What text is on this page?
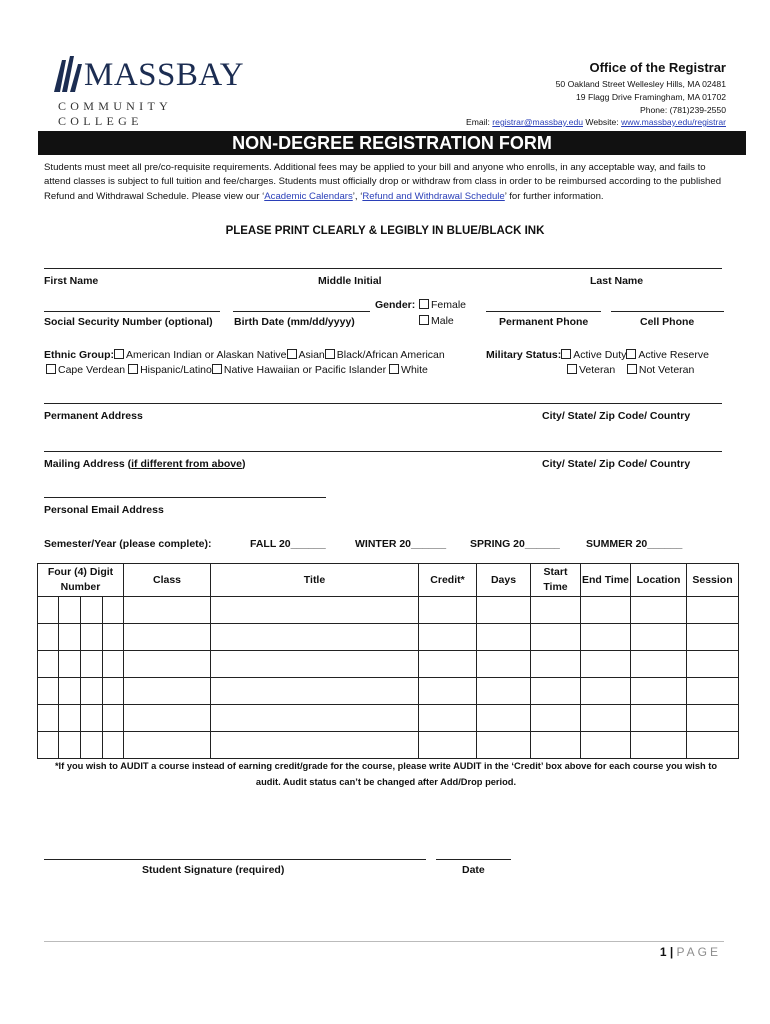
MASSBAY
COMMUNITY COLLEGE
Office of the Registrar
50 Oakland Street Wellesley Hills, MA 02481
19 Flagg Drive Framingham, MA 01702
Phone: (781)239-2550
Email: registrar@massbay.edu Website: www.massbay.edu/registrar
NON-DEGREE REGISTRATION FORM
Students must meet all pre/co-requisite requirements. Additional fees may be applied to your bill and anyone who enrolls, in any acceptable way, and fails to attend classes is subject to full tuition and fee/charges. Students must officially drop or withdraw from class in order to be reimbursed according to the published Refund and Withdrawal Schedule. Please view our ‘Academic Calendars’, ‘Refund and Withdrawal Schedule’ for further information.
PLEASE PRINT CLEARLY & LEGIBLY IN BLUE/BLACK INK
First Name	Middle Initial	Last Name
Gender:	Female
Male
Social Security Number (optional) Birth Date (mm/dd/yyyy)	Permanent Phone	Cell Phone
Ethnic Group: American Indian or Alaskan Native Asian Black/African American
Cape Verdean Hispanic/Latino Native Hawaiian or Pacific Islander White
Military Status: Active Duty Active Reserve
Veteran Not Veteran
Permanent Address	City/ State/ Zip Code/ Country
Mailing Address (if different from above)	City/ State/ Zip Code/ Country
Personal Email Address
Semester/Year (please complete):	FALL 20______	WINTER 20______ SPRING 20______ SUMMER 20______
Four (4) Digit Number				Class	Title	Credit*	Days	Start Time	End Time	Location	Session

*If you wish to AUDIT a course instead of earning credit/grade for the course, please write AUDIT in the ‘Credit’ box above for each course you wish to audit. Audit status can’t be changed after Add/Drop period.
Student Signature (required)	Date
1 | PAGE
